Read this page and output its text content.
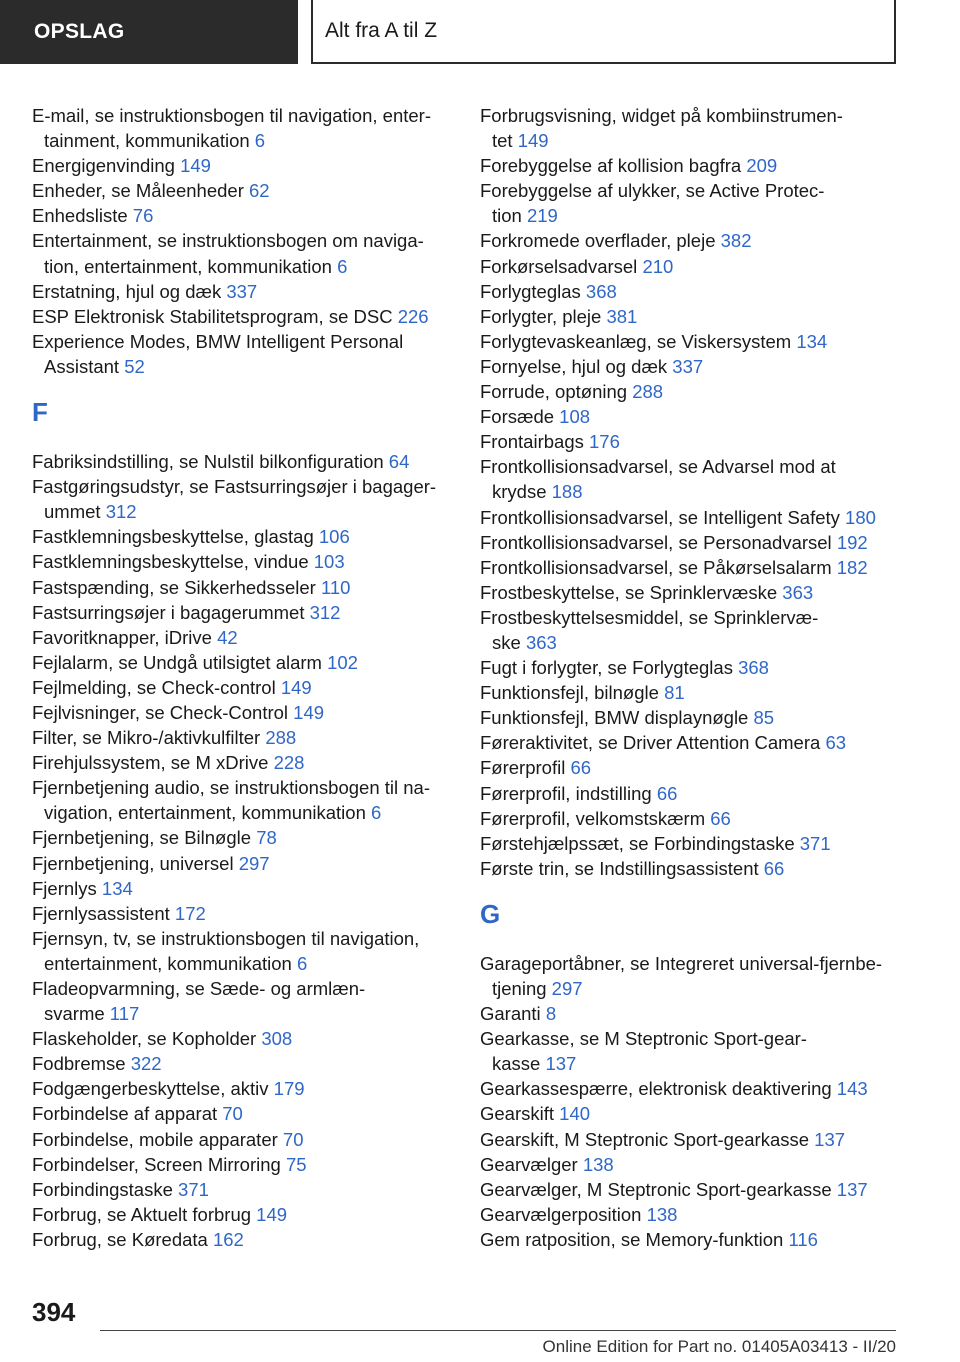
OPSLAG	Alt fra A til Z
E-mail, se instruktionsbogen til navigation, enter-
tainment, kommunikation 6
Energigenvinding 149
Enheder, se Måleenheder 62
Enhedsliste 76
Entertainment, se instruktionsbogen om naviga-
tion, entertainment, kommunikation 6
Erstatning, hjul og dæk 337
ESP Elektronisk Stabilitetsprogram, se DSC 226
Experience Modes, BMW Intelligent Personal
Assistant 52
F
Fabriksindstilling, se Nulstil bilkonfiguration 64
Fastgøringsudstyr, se Fastsurringsøjer i bagager-
ummet 312
Fastklemningsbeskyttelse, glastag 106
Fastklemningsbeskyttelse, vindue 103
Fastspænding, se Sikkerhedsseler 110
Fastsurringsøjer i bagagerummet 312
Favoritknapper, iDrive 42
Fejlalarm, se Undgå utilsigtet alarm 102
Fejlmelding, se Check-control 149
Fejlvisninger, se Check-Control 149
Filter, se Mikro-/aktivkulfilter 288
Firehjulssystem, se M xDrive 228
Fjernbetjening audio, se instruktionsbogen til na-
vigation, entertainment, kommunikation 6
Fjernbetjening, se Bilnøgle 78
Fjernbetjening, universel 297
Fjernlys 134
Fjernlysassistent 172
Fjernsyn, tv, se instruktionsbogen til navigation,
entertainment, kommunikation 6
Fladeopvarmning, se Sæde- og armlæn-
svarme 117
Flaskeholder, se Kopholder 308
Fodbremse 322
Fodgængerbeskyttelse, aktiv 179
Forbindelse af apparat 70
Forbindelse, mobile apparater 70
Forbindelser, Screen Mirroring 75
Forbindingstaske 371
Forbrug, se Aktuelt forbrug 149
Forbrug, se Køredata 162
Forbrugsvisning, widget på kombiinstrumen-
tet 149
Forebyggelse af kollision bagfra 209
Forebyggelse af ulykker, se Active Protec-
tion 219
Forkromede overflader, pleje 382
Forkørselsadvarsel 210
Forlygteglas 368
Forlygter, pleje 381
Forlygtevaskeanlæg, se Viskersystem 134
Fornyelse, hjul og dæk 337
Forrude, optøning 288
Forsæde 108
Frontairbags 176
Frontkollisionsadvarsel, se Advarsel mod at
krydse 188
Frontkollisionsadvarsel, se Intelligent Safety 180
Frontkollisionsadvarsel, se Personadvarsel 192
Frontkollisionsadvarsel, se Påkørselsalarm 182
Frostbeskyttelse, se Sprinklervæske 363
Frostbeskyttelsesmiddel, se Sprinklervæ-
ske 363
Fugt i forlygter, se Forlygteglas 368
Funktionsfejl, bilnøgle 81
Funktionsfejl, BMW displaynøgle 85
Føreraktivitet, se Driver Attention Camera 63
Førerprofil 66
Førerprofil, indstilling 66
Førerprofil, velkomstskærm 66
Førstehjælpssæt, se Forbindingstaske 371
Første trin, se Indstillingsassistent 66
G
Garageportåbner, se Integreret universal-fjernbe-
tjening 297
Garanti 8
Gearkasse, se M Steptronic Sport-gear-
kasse 137
Gearkassespærre, elektronisk deaktivering 143
Gearskift 140
Gearskift, M Steptronic Sport-gearkasse 137
Gearvælger 138
Gearvælger, M Steptronic Sport-gearkasse 137
Gearvælgerposition 138
Gem ratposition, se Memory-funktion 116
394
Online Edition for Part no. 01405A03413 - II/20
